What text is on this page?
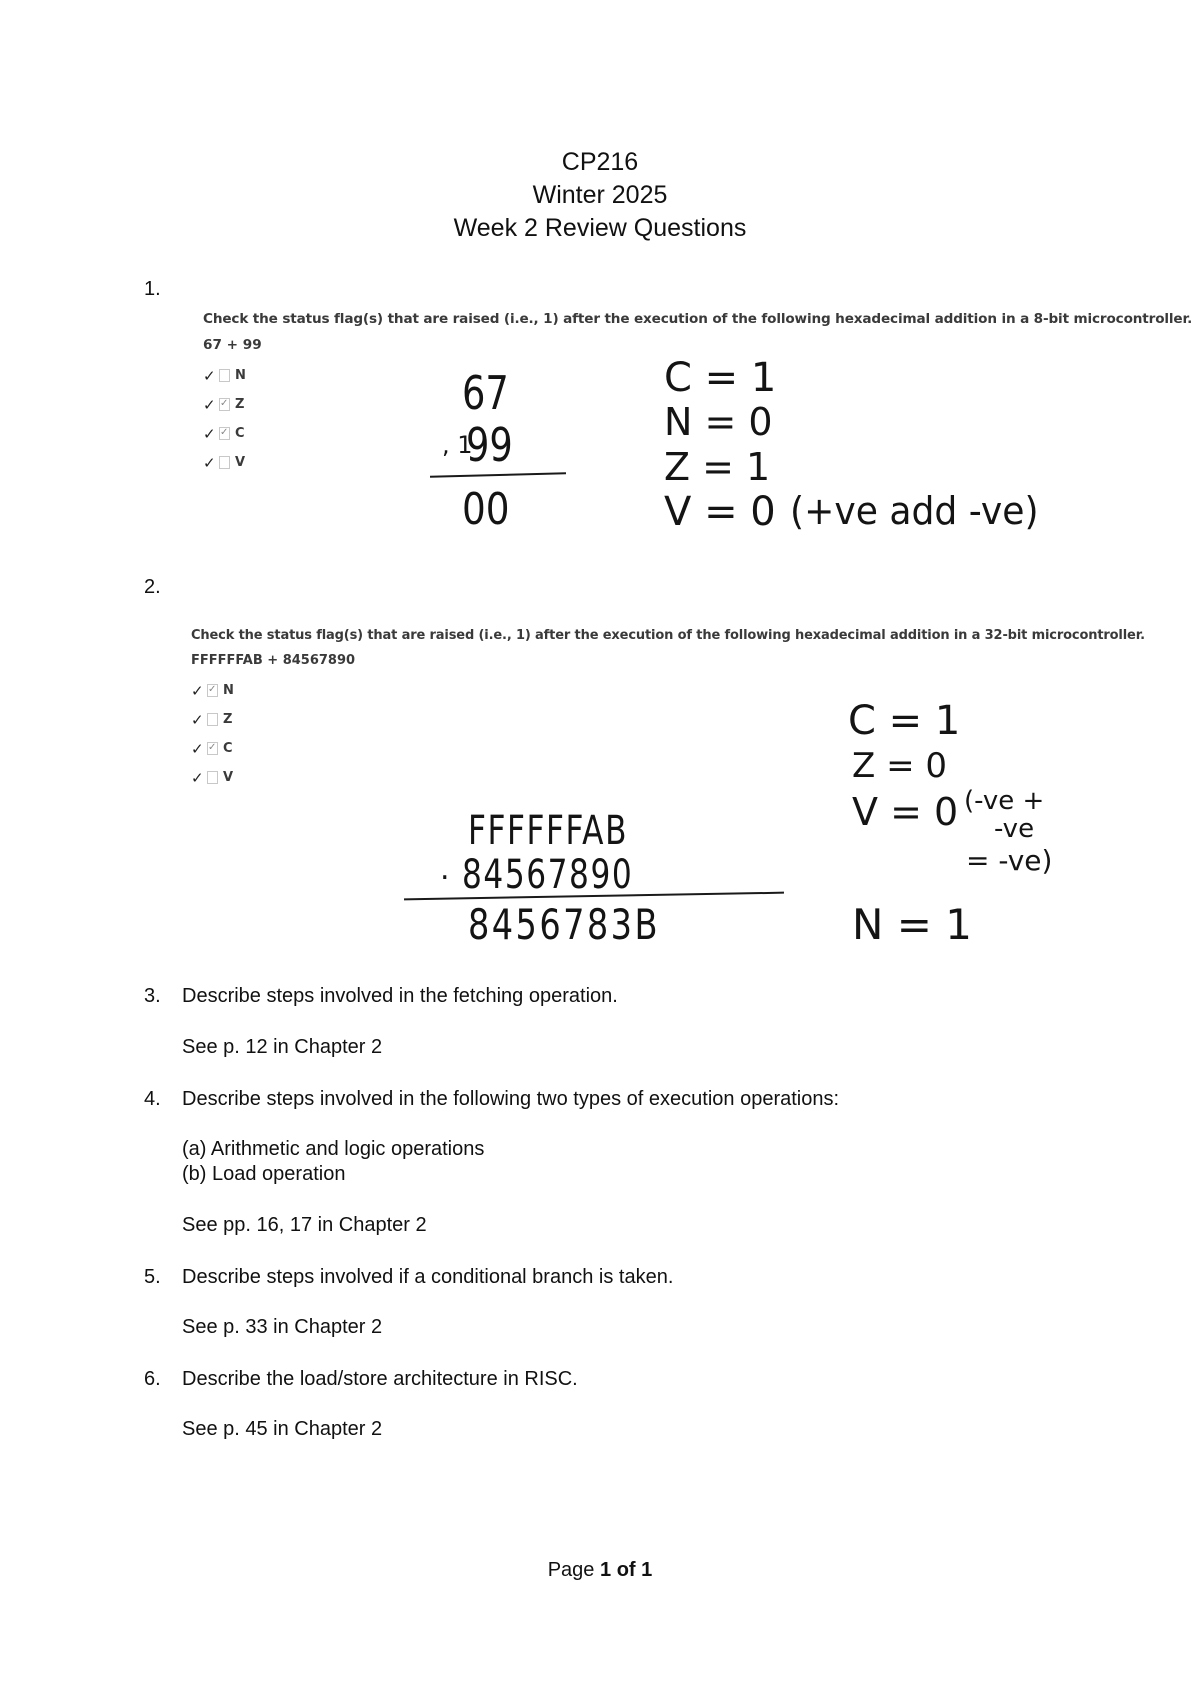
CP216
Winter 2025
Week 2 Review Questions
1.
Check the status flag(s) that are raised (i.e., 1) after the execution of the following hexadecimal addition in a 8-bit microcontroller.
67 + 99
✓ N
✓ ✓ Z
✓ ✓ C
✓ V
67
, 1
99
00
C = 1
N = 0
Z = 1
V = 0 (+ve add -ve)
2.
Check the status flag(s) that are raised (i.e., 1) after the execution of the following hexadecimal addition in a 32-bit microcontroller.
FFFFFFAB + 84567890
✓ ✓ N
✓ Z
✓ ✓ C
✓ V
FFFFFFAB
. 84567890
8456783B
C = 1
Z = 0
V = 0 (-ve +
-ve
= -ve)
N = 1
3. Describe steps involved in the fetching operation.
See p. 12 in Chapter 2
4. Describe steps involved in the following two types of execution operations:
(a) Arithmetic and logic operations
(b) Load operation
See pp. 16, 17 in Chapter 2
5. Describe steps involved if a conditional branch is taken.
See p. 33 in Chapter 2
6. Describe the load/store architecture in RISC.
See p. 45 in Chapter 2
Page 1 of 1
